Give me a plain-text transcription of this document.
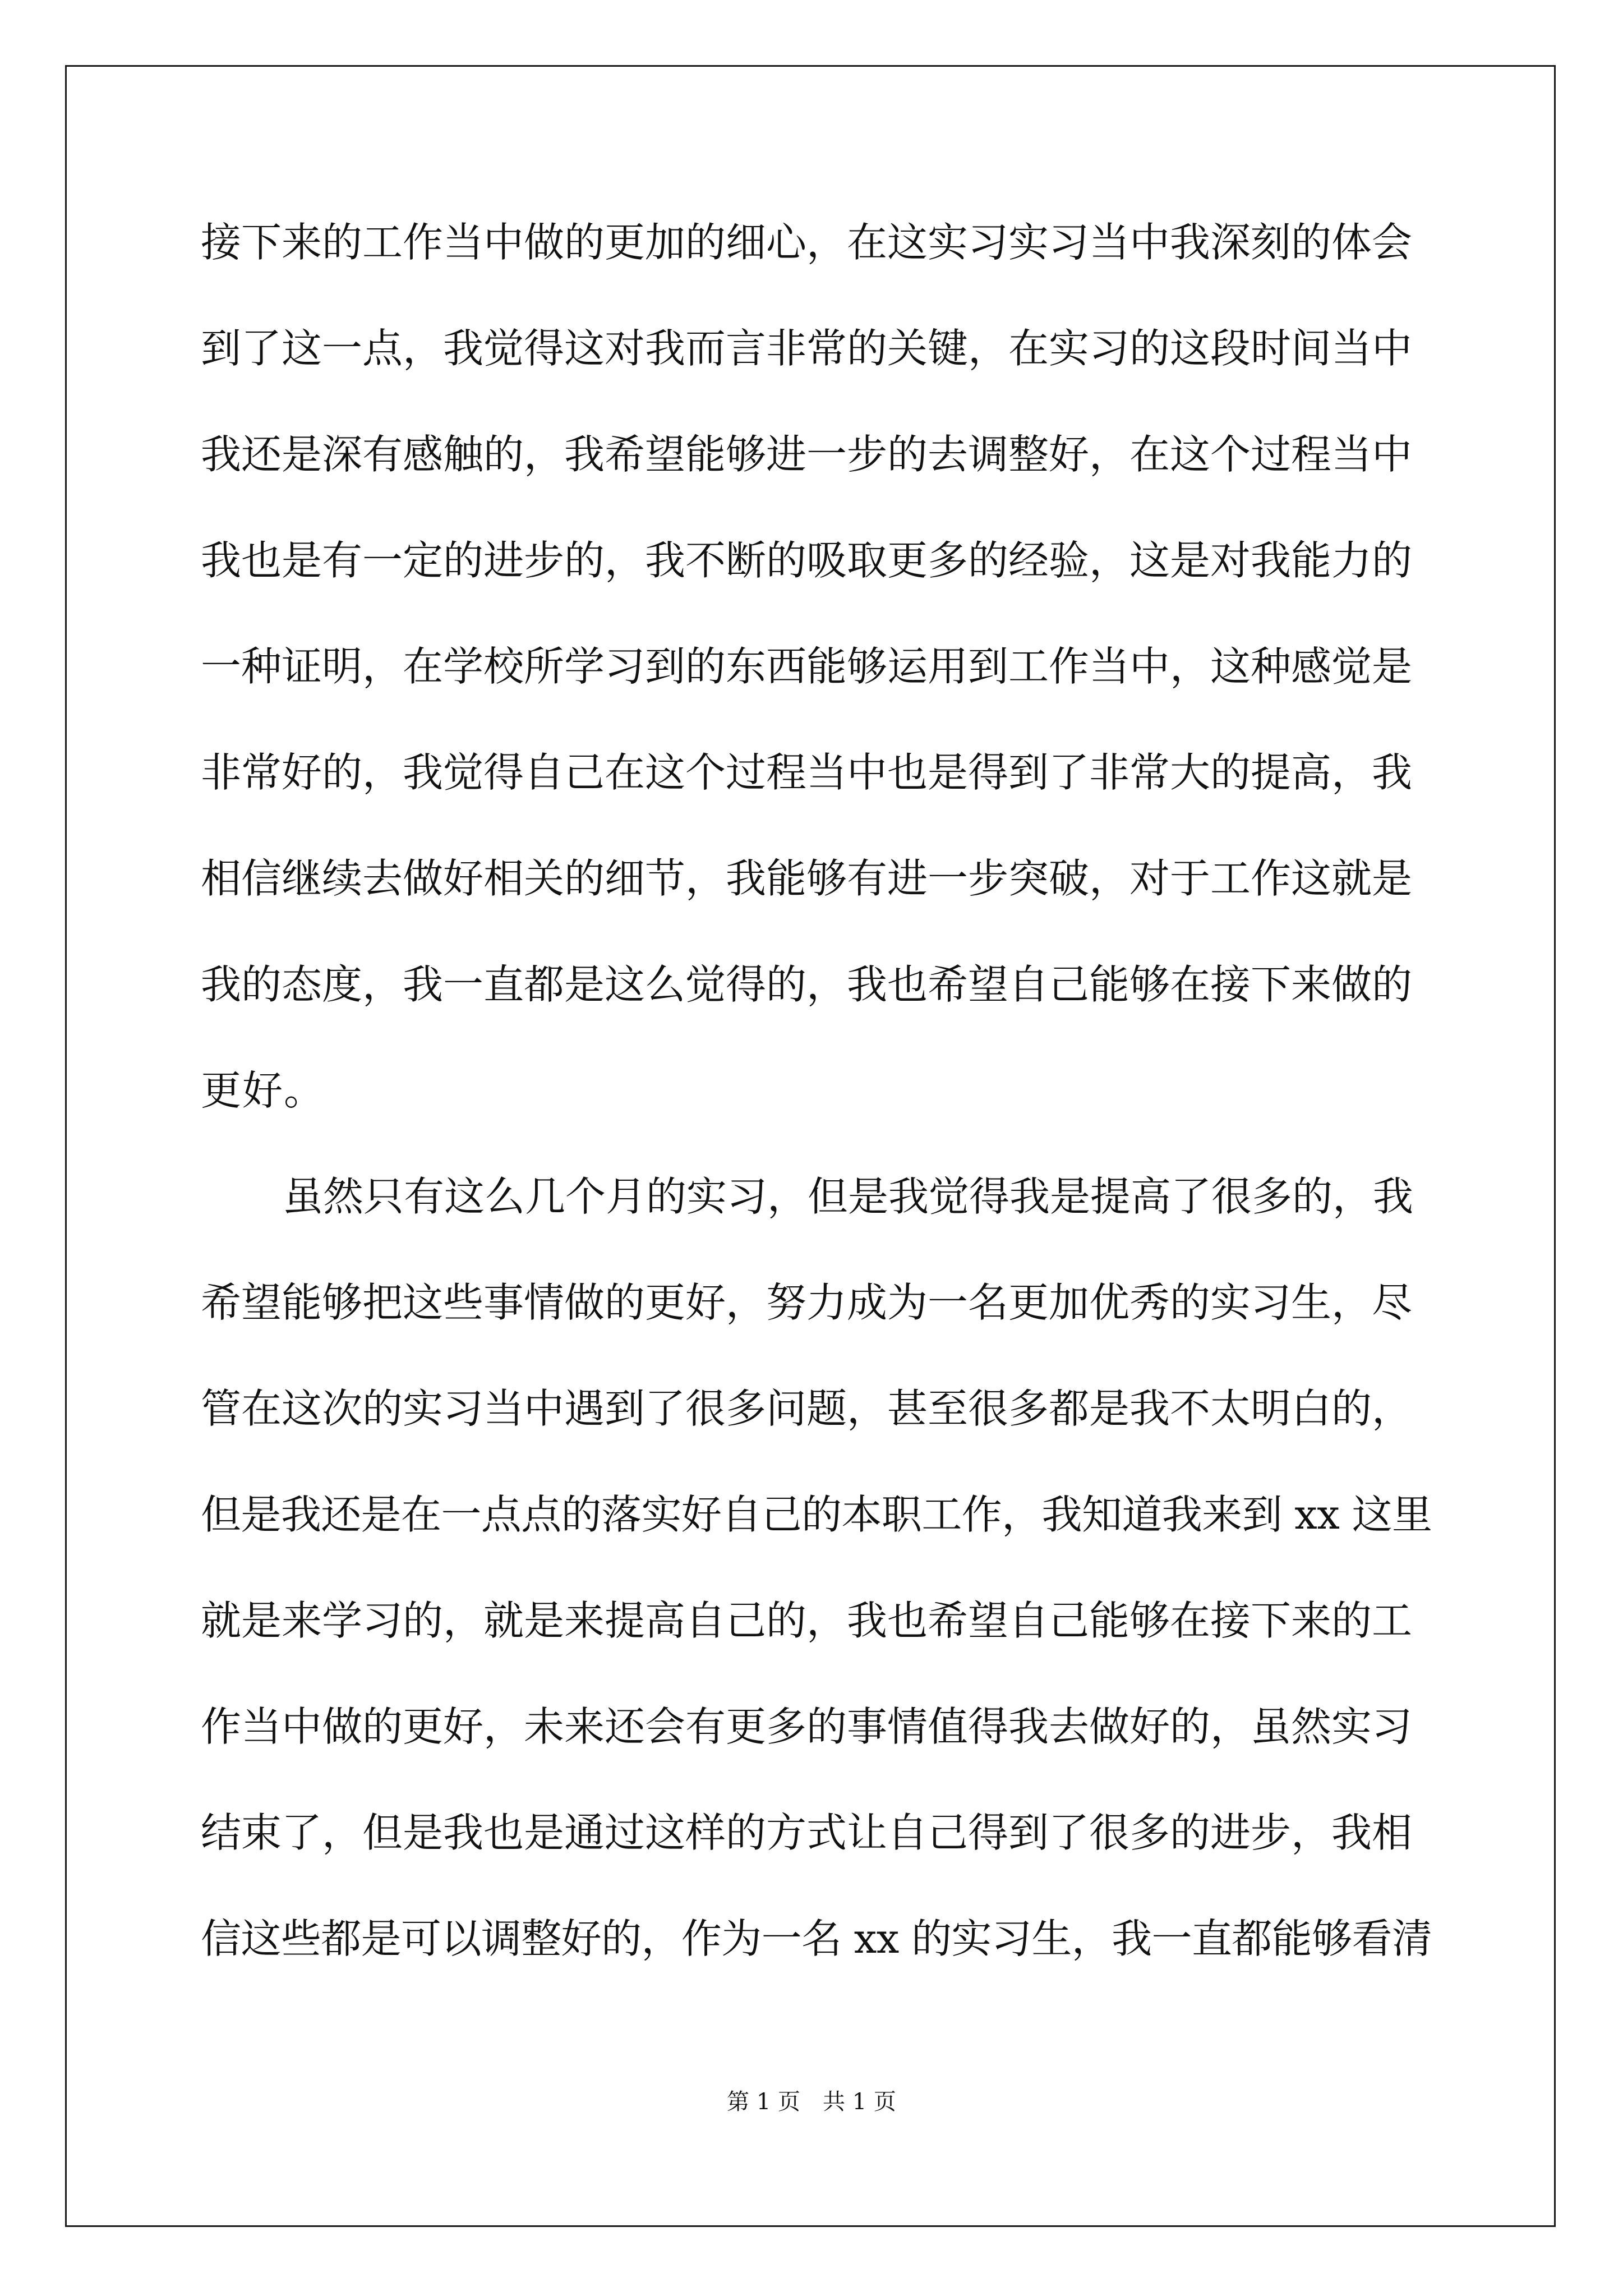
接下来的工作当中做的更加的细心，在这实习实习当中我深刻的体会
到了这一点，我觉得这对我而言非常的关键，在实习的这段时间当中
我还是深有感触的，我希望能够进一步的去调整好，在这个过程当中
我也是有一定的进步的，我不断的吸取更多的经验，这是对我能力的
一种证明，在学校所学习到的东西能够运用到工作当中，这种感觉是
非常好的，我觉得自己在这个过程当中也是得到了非常大的提高，我
相信继续去做好相关的细节，我能够有进一步突破，对于工作这就是
我的态度，我一直都是这么觉得的，我也希望自己能够在接下来做的
更好。
虽然只有这么几个月的实习，但是我觉得我是提高了很多的，我
希望能够把这些事情做的更好，努力成为一名更加优秀的实习生，尽
管在这次的实习当中遇到了很多问题，甚至很多都是我不太明白的，
但是我还是在一点点的落实好自己的本职工作，我知道我来到 xx 这里
就是来学习的，就是来提高自己的，我也希望自己能够在接下来的工
作当中做的更好，未来还会有更多的事情值得我去做好的，虽然实习
结束了，但是我也是通过这样的方式让自己得到了很多的进步，我相
信这些都是可以调整好的，作为一名 xx 的实习生，我一直都能够看清
第 1 页　共 1 页
